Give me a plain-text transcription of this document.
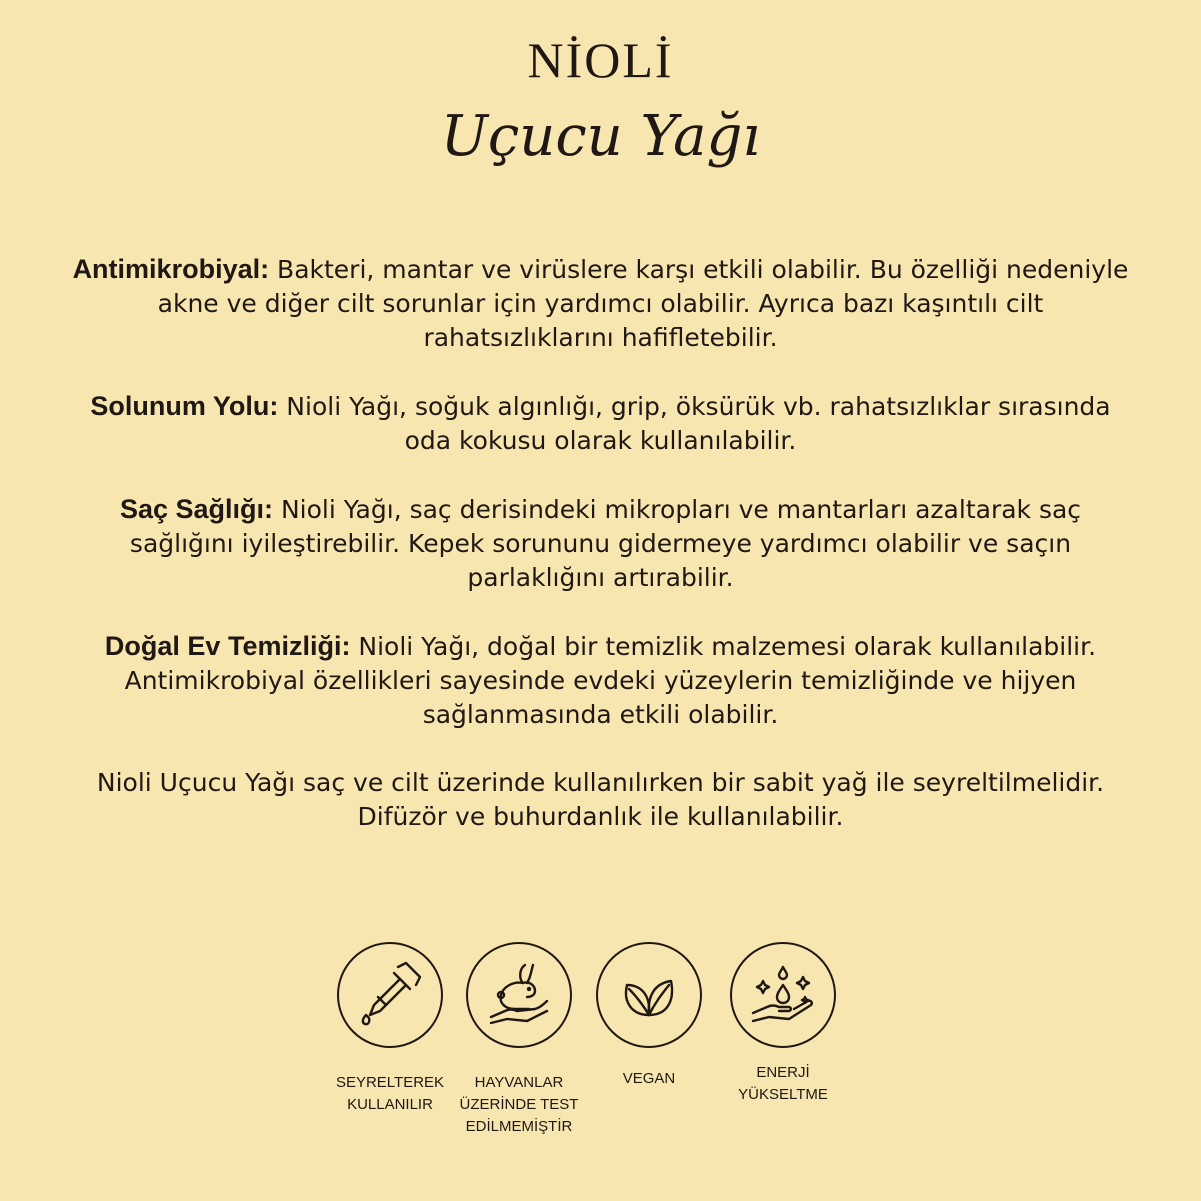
NİOLİ
Uçucu Yağı

Antimikrobiyal: Bakteri, mantar ve virüslere karşı etkili olabilir. Bu özelliği nedeniyle akne ve diğer cilt sorunlar için yardımcı olabilir. Ayrıca bazı kaşıntılı cilt rahatsızlıklarını hafifletebilir.

Solunum Yolu: Nioli Yağı, soğuk algınlığı, grip, öksürük vb. rahatsızlıklar sırasında oda kokusu olarak kullanılabilir.

Saç Sağlığı: Nioli Yağı, saç derisindeki mikropları ve mantarları azaltarak saç sağlığını iyileştirebilir. Kepek sorununu gidermeye yardımcı olabilir ve saçın parlaklığını artırabilir.

Doğal Ev Temizliği: Nioli Yağı, doğal bir temizlik malzemesi olarak kullanılabilir. Antimikrobiyal özellikleri sayesinde evdeki yüzeylerin temizliğinde ve hijyen sağlanmasında etkili olabilir.

Nioli Uçucu Yağı saç ve cilt üzerinde kullanılırken bir sabit yağ ile seyreltilmelidir.
Difüzör ve buhurdanlık ile kullanılabilir.

SEYRELTEREK
KULLANILIR
HAYVANLAR
ÜZERİNDE TEST
EDİLMEMİŞTİR
VEGAN	ENERJİ
YÜKSELTME
